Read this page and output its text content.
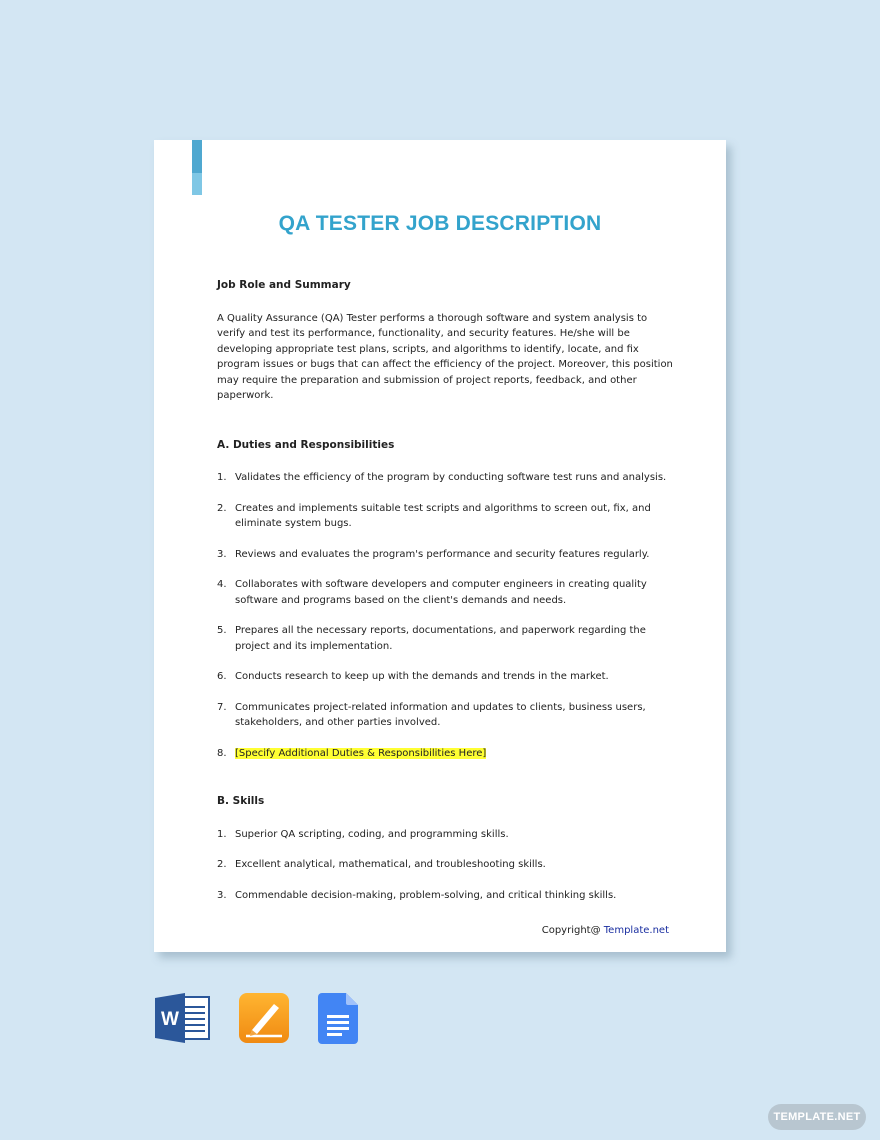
QA TESTER JOB DESCRIPTION
Job Role and Summary
A Quality Assurance (QA) Tester performs a thorough software and system analysis to verify and test its performance, functionality, and security features. He/she will be developing appropriate test plans, scripts, and algorithms to identify, locate, and fix program issues or bugs that can affect the efficiency of the project. Moreover, this position may require the preparation and submission of project reports, feedback, and other paperwork.
A. Duties and Responsibilities
1. Validates the efficiency of the program by conducting software test runs and analysis.
2. Creates and implements suitable test scripts and algorithms to screen out, fix, and eliminate system bugs.
3. Reviews and evaluates the program's performance and security features regularly.
4. Collaborates with software developers and computer engineers in creating quality software and programs based on the client's demands and needs.
5. Prepares all the necessary reports, documentations, and paperwork regarding the project and its implementation.
6. Conducts research to keep up with the demands and trends in the market.
7. Communicates project-related information and updates to clients, business users, stakeholders, and other parties involved.
8. [Specify Additional Duties & Responsibilities Here]
B. Skills
1. Superior QA scripting, coding, and programming skills.
2. Excellent analytical, mathematical, and troubleshooting skills.
3. Commendable decision-making, problem-solving, and critical thinking skills.
Copyright@ Template.net
W
TEMPLATE.NET
